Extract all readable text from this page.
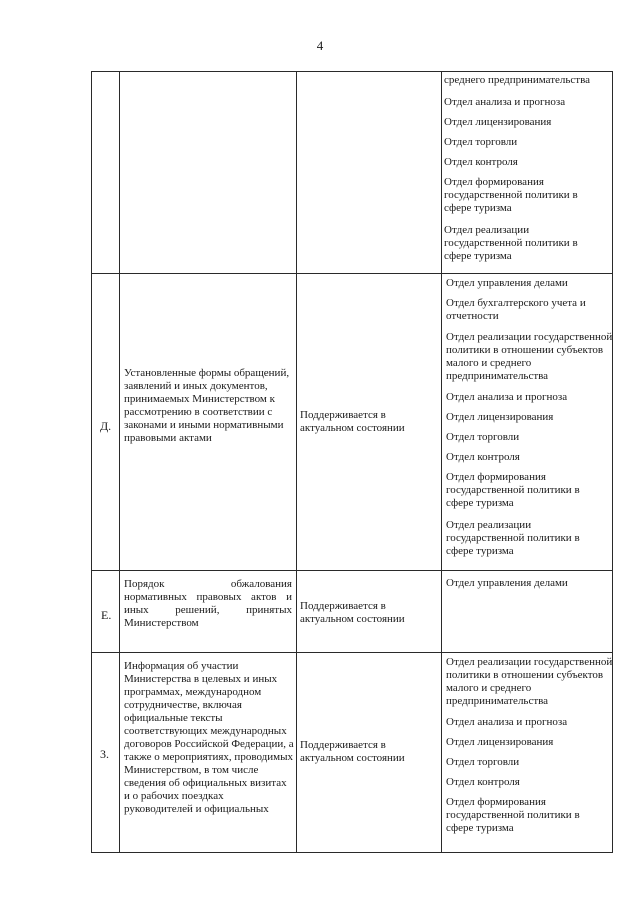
4
среднего предпринимательства
Отдел анализа и прогноза
Отдел лицензирования
Отдел торговли
Отдел контроля
Отдел формирования государственной политики в сфере туризма
Отдел реализации государственной политики в сфере туризма
Д.
Установленные формы обращений, заявлений и иных документов, принимаемых Министерством к рассмотрению в соответствии с законами и иными нормативными правовыми актами
Поддерживается в актуальном состоянии
Отдел управления делами
Отдел бухгалтерского учета и отчетности
Отдел реализации государственной политики в отношении субъектов малого и среднего предпринимательства
Отдел анализа и прогноза
Отдел лицензирования
Отдел торговли
Отдел контроля
Отдел формирования государственной политики в сфере туризма
Отдел реализации государственной политики в сфере туризма
Е.
Порядок обжалования нормативных правовых актов и иных решений, принятых Министерством
Поддерживается в актуальном состоянии
Отдел управления делами
3.
Информация об участии Министерства в целевых и иных программах, международном сотрудничестве, включая официальные тексты соответствующих международных договоров Российской Федерации, а также о мероприятиях, проводимых Министерством, в том числе сведения об официальных визитах и о рабочих поездках руководителей и официальных
Поддерживается в актуальном состоянии
Отдел реализации государственной политики в отношении субъектов малого и среднего предпринимательства
Отдел анализа и прогноза
Отдел лицензирования
Отдел торговли
Отдел контроля
Отдел формирования государственной политики в сфере туризма
